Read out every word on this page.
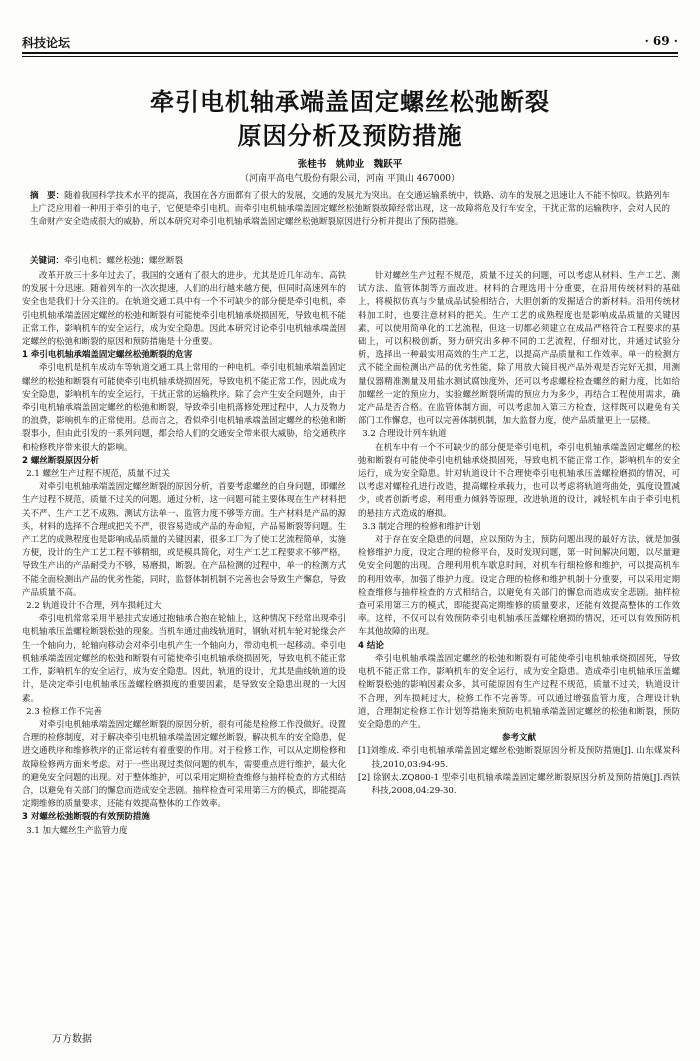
科技论坛	· 69 ·
牵引电机轴承端盖固定螺丝松弛断裂
原因分析及预防措施
张桂书　姚帅业　魏跃平
（河南平高电气股份有限公司，河南 平顶山 467000）
摘　要：随着我国科学技术水平的提高，我国在各方面都有了很大的发展，交通的发展尤为突出。在交通运输系统中，铁路、动车的发展之迅速让人不能不惊叹。铁路列车上广泛应用着一种用于牵引的电子，它便是牵引电机。而牵引电机轴承端盖固定螺丝松弛断裂故障经常出现，这一故障将危及行车安全，干扰正常的运输秩序，会对人民的生命财产安全造成很大的威胁，所以本研究对牵引电机轴承端盖固定螺丝松弛断裂原因进行分析并提出了预防措施。
关键词：牵引电机；螺丝松弛；螺丝断裂

改革开放三十多年过去了，我国的交通有了很大的进步，尤其是近几年动车、高铁的发展十分迅速。随着列车的一次次提速，人们的出行越来越方便，但同时高速列车的安全也是我们十分关注的。在轨道交通工具中有一个不可缺少的部分便是牵引电机，牵引电机轴承端盖固定螺丝的松弛和断裂有可能使牵引电机轴承烧损固死，导致电机不能正常工作，影响机车的安全运行，成为安全隐患。因此本研究讨论牵引电机轴承端盖固定螺丝的松弛和断裂的原因和预防措施是十分重要。

1 牵引电机轴承端盖固定螺丝松弛断裂的危害

牵引电机是机车成动车等轨道交通工具上常用的一种电机。牵引电机轴承端盖固定螺丝的松弛和断裂有可能使牵引电机轴承烧损固死，导致电机不能正常工作，因此成为安全隐患，影响机车的安全运行，干扰正常的运输秩序。除了会产生安全问题外，由于牵引电机轴承端盖固定螺丝的松弛和断裂，导致牵引电机落修处理过程中，人力及物力的浪费，影响机车的正常使用。总而言之，看似牵引电机轴承端盖固定螺丝的松弛和断裂事小，但由此引发的一系列问题，都会给人们的交通安全带来很大威胁，给交通秩序和检修秩序带来很大的影响。

2 螺丝断裂原因分析

2.1 螺丝生产过程不规范，质量不过关

对牵引电机轴承端盖固定螺丝断裂的原因分析，首要考虑螺丝的自身问题，即螺丝生产过程不规范，质量不过关的问题。通过分析，这一问题可能主要体现在生产材料把关不严、生产工艺不成熟、测试方法单一、监管力度不够等方面。生产材料是产品的源头，材料的选择不合理或把关不严，很容易造成产品的寿命短，产品易断裂等问题。生产工艺的成熟程度也是影响成品质量的关键因素，很多工厂为了使工艺流程简单，实施方便，设计的生产工艺工程不够精细，或是模具简化，对生产工艺工程要求不够严格，导致生产出的产品耐受力不够，易磨损，断裂。在产品检测的过程中，单一的检测方式不能全面检测出产品的优劣性能，同时，监督体制机制不完善也会导致生产懈怠，导致产品质量不高。

2.2 轨道设计不合理，列车损耗过大

牵引电机常常采用半悬挂式安通过抱轴承合抱在轮轴上，这种情况下经常出现牵引电机轴承压盖螺栓断裂松弛的现象。当机车通过曲线轨道时，钢轨对机车轮对轮缘会产生一个轴向力，轮轴向移动会对牵引电机产生一个轴向力，带动电机一起移动。牵引电机轴承端盖固定螺丝的松弛和断裂有可能使牵引电机轴承烧损固死，导致电机不能正常工作，影响机车的安全运行，成为安全隐患。因此，轨道的设计，尤其是曲线轨道的设计，是决定牵引电机轴承压盖螺栓磨损度的重要因素，是导致安全隐患出现的一大因素。

2.3 检修工作不完善

对牵引电机轴承端盖固定螺丝断裂的原因分析，很有可能是检修工作没做好。设置合理的检修制度，对于解决牵引电机轴承端盖固定螺丝断裂，解决机车的安全隐患，促进交通秩序和维修秩序的正常运转有着重要的作用。对于检修工作，可以从定期检修和故障检修两方面来考虑。对于一些出现过类似问题的机车，需要重点进行维护，最大化的避免安全问题的出现。对于整体维护，可以采用定期检查维修与抽样检查的方式相结合，以避免有关部门的懈怠而造成安全悲剧。抽样检查可采用第三方的模式，即能提高定期维修的质量要求，还能有效提高整体的工作效率。

3 对螺丝松弛断裂的有效预防措施

3.1 加大螺丝生产监管力度

针对螺丝生产过程不规范，质量不过关的问题，可以考虑从材料、生产工艺、测试方法、监管体制等方面改进。材料的合理选用十分重要，在沿用传统材料的基础上，将模拟仿真与少量成品试验相结合，大胆创新的发掘适合的新材料。沿用传统材料加工时，也要注意材料的把关。生产工艺的成熟程度也是影响成品质量的关键因素，可以使用简单化的工艺流程，但这一切都必须建立在成品严格符合工程要求的基础上，可以积极创新，努力研究出多种不同的工艺流程，仔细对比，并通过试验分析，选择出一种最实用高效的生产工艺，以提高产品质量和工作效率。单一的检测方式不能全面检测出产品的优劣性能，除了用放大镜目视产品外观是否完好无损，用测量仪器精准测量及用盐水测试腐蚀度外，还可以考虑螺栓检查螺丝的耐力度，比如给加螺丝一定的预应力，实验螺丝断裂所需的预应力为多少，再结合工程使用需求，确定产品是否合格。在监管体制方面，可以考虑加入第三方检查，这样既可以避免有关部门工作懈怠，也可以完善体制机制，加大监督力度，使产品质量更上一层楼。

3.2 合理设计列车轨道

在机车中有一个不可缺少的部分便是牵引电机，牵引电机轴承端盖固定螺丝的松弛和断裂有可能使牵引电机轴承烧损固死，导致电机不能正常工作，影响机车的安全运行，成为安全隐患。针对轨道设计不合理使牵引电机轴承压盖螺栓磨损的情况，可以考虑对螺栓孔进行改造，提高螺栓承载力，也可以考虑将轨道弯曲处，弧度设置减少，或者创新考虑，利用重力倾斜等原理，改进轨道的设计，减轻机车由于牵引电机的悬挂方式造成的磨损。

3.3 制定合理的检修和维护计划

对于存在安全隐患的问题，应以预防为主，预防问题出现的最好方法，就是加强检修维护力度，设定合理的检修平台，及时发现问题，第一时间解决问题，以尽量避免安全问题的出现。合理利用机车歇息时间，对机车行细检修和维护，可以提高机车的利用效率，加强了维护力度。设定合理的检修和维护机制十分重要，可以采用定期检查维修与抽样检查的方式相结合，以避免有关部门的懈怠而造成安全悲剧。抽样检查可采用第三方的模式，即能提高定期维修的质量要求，还能有效提高整体的工作效率。这样，不仅可以有效预防牵引电机轴承压盖螺栓磨损的情况，还可以有效预防机车其他故障的出现。

4 结论

牵引电机轴承端盖固定螺丝的松弛和断裂有可能使牵引电机轴承烧损固死，导致电机不能正常工作，影响机车的安全运行，成为安全隐患。造成牵引电机轴承压盖螺栓断裂松弛的影响因素众多，其可能原因有生产过程不规范，质量不过关，轨道设计不合理，列车损耗过大，检修工作不完善等。可以通过增强监管力度，合理设计轨道，合理制定检修工作计划等措施来预防电机轴承端盖固定螺丝的松弛和断裂，预防安全隐患的产生。

参考文献

[1]刘维成. 牵引电机轴承端盖固定螺丝松弛断裂原因分析及预防措施[J]. 山东煤炭科技,2010,03:94-95.

[2] 徐钢太.ZQ800-1 型牵引电机轴承端盖固定螺丝断裂原因分析及预防措施[J].西铁科技,2008,04:29-30.

万方数据
